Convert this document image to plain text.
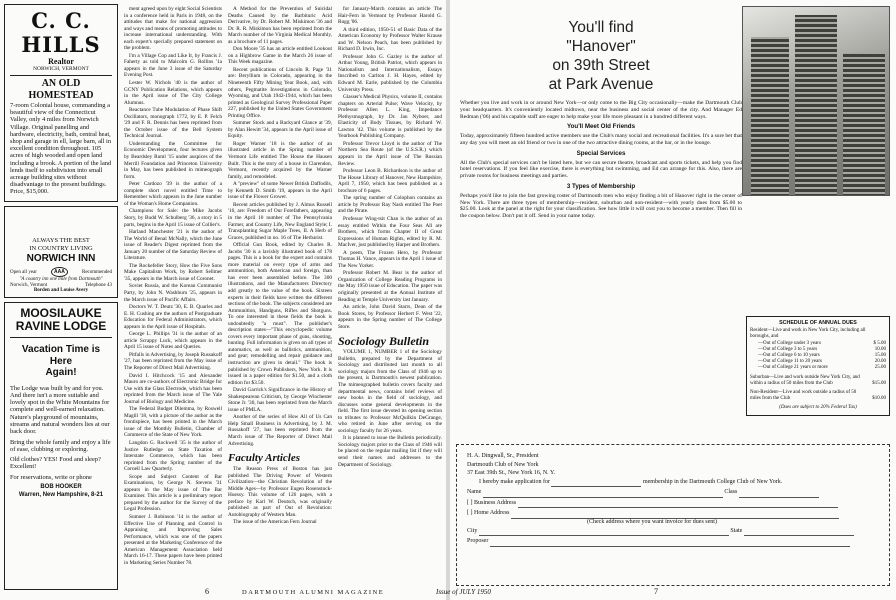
C. C. HILLS
Realtor
NORWICH, VERMONT
AN OLD HOMESTEAD
7-room Colonial house, commanding a beautiful view of the Connecticut Valley, only 4 miles from Norwich Village. Original panelling and hardware, electricity, bath, central heat, shop and garage in ell, large barn, all in excellent condition throughout. 105 acres of high wooded and open land including a brook. A portion of the land lends itself to subdivision into small acreage building sites without disadvantage to the present buildings. Price, $15,000.
ALWAYS THE BEST
IN COUNTRY LIVING
NORWICH INN
Open all year	AAA	Recommended
"A country inn one mile from Dartmouth"
Norwich, Vermont	Telephone 43
Borden and Louise Avery
MOOSILAUKE
RAVINE LODGE
Vacation Time is Here
Again!
The Lodge was built by and for you. And there isn't a more suitable and lovely spot in the White Mountains for complete and well-earned relaxation. Nature's playground of mountains, streams and natural wonders lies at our back door.
Bring the whole family and enjoy a life of ease, clubbing or exploring.
Old clothes? YES! Food and sleep? Excellent!
For reservations, write or phone
BOB HOOKER
Warren, New Hampshire, 8-21

ment agreed upon by eight Social Scientists in a conference held in Paris in 1948, on the attitudes that make for national aggression and ways and means of promoting attitudes to increase international understanding. With each expert's specially prepared statement on the problem.

I'm a Village Cop and Like It, by Francis J. Faherty as told to Malcolm G. Rollins '1a appears in the June 3 issue of the Saturday Evening Post.

Lester W. Nichols '40 is the author of GCNY Publication Relations, which appears in the April issue of The City College Alumnus.

Reactance Tube Modulation of Phase Shift Oscillators, monograph 1772, by E. P. Felch '29 and F. R. Dennis has been reprinted from the October issue of the Bell System Technical Journal.

Understanding the Committee for Economic Development, four lectures given by Beardsley Ruml '15 under auspices of the Merrill Foundation and Princeton University in May, has been published in mimeograph form.

Peter Cardozo '39 is the author of a complete short novel entitled Time to Remember which appears in the June number of the Woman's Home Companion.

Champions for Sale: the Mike Jacobs Story, by Budd W. Schulberg '36, a story in 5 parts, begins in the April 15 issue of Collier's.

Harland Manchester '21 is the author of The World of Benal McNally, which the June issue of Reader's Digest reprinted from the January 20 number of the Saturday Review of Literature.

The Rockefeller Story, How the Five Sons Make Capitalism Work, by Robert Sellmer '35, appears in the March issue of Coronet.

Soviet Russia, and the Korean Communist Party, by John N. Washburn '25, appears in the March issue of Pacific Affairs.

Doctors W. T. Deutz '30, E. B. Quarles and E. H. Cushing are the authors of Postgraduate Education for Federal Administrators, which appears in the April issue of Hospitals.

George L. Phillips '31 is the author of an article Scrappy Luck, which appears in the April 15 issue of Notes and Queries.

Pitfalls in Advertising, by Joseph Russakoff '27, has been reprinted from the May issue of The Reporter of Direct Mail Advertising.

David I. Hitchcock '15 and Alexander Mauro are co-authors of Electronic Bridge for Use with the Glass Electrode, which has been reprinted from the March issue of The Yale Journal of Biology and Medicine.

The Federal Budget Dilemma, by Roswell Magill '18, with a picture of the author as the frontispiece, has been printed in the March issue of the Monthly Bulletin, Chamber of Commerce of the State of New York.

Langdon G. Rockwell '35 is the author of Justice Rutledge on State Taxation of Interstate Commerce, which has been reprinted from the Spring number of the Cornell Law Quarterly.

Scope and Subject Content of Bar Examinations, by George N. Stevens '31 appears in the May issue of The Bar Examiner. This article is a preliminary report prepared by the author for the Survey of the Legal Profession.

Sumner J. Robinson '14 is the author of Effective Use of Planning and Control in Appraising and Improving Sales Performance, which was one of the papers presented at the Marketing Conference of the American Management Association held March 16-17. These papers have been printed in Marketing Series Number 78.

A Method for the Prevention of Suicidal Deaths Caused by the Barbituric Acid Derivative, by Dr. Robert M. Miskimon '36 and Dr. R. R. Miskimon has been reprinted from the March number of the Virginia Medical Monthly, as a brochure of 11 pages.

Don Moore '35 has an article entitled Lookout on a Highbrow Game in the March 26 issue of This Week magazine.

Recent publications of Lincoln R. Page '31 are: Beryllium in Colorado, appearing in the Nineteenth Fifty Mining Year Book, and, with others, Pegmatite Investigations in Colorado, Wyoming, and Utah 1942-1944, which has been printed as Geological Survey Professional Paper 227, published by the United States Government Printing Office.

Summer Stock and a Backyard Glance at '39, by Alan Hewitt '34, appears in the April issue of Equity.

Roger Warner '18 is the author of an illustrated article in the Spring number of Vermont Life entitled The House the Hausen Built. This is the story of a house in Clarendon, Vermont, recently acquired by the Warner family, and remodeled.

A "preview" of some Newer British Daffodils, by Kenneth D. Smith '19, appears in the April issue of the Flower Grower.

Recent articles published by J. Almus Russell '16, are: Freedom of Our Forefathers, appearing in the April 10 number of The Pennsylvania Farmer, and Country Life, New England Style; I. Transplanting Sugar Maple Trees, II. A Herb of Graces, published in no. 16 of The Herbarist.

Official Gun Book, edited by Charles R. Jacobs '30 is a lavishly illustrated book of 178 pages. This is a book for the expert and contains more material on every type of arms and ammunition, both American and foreign, than has ever been assembled before. The 300 illustrations, and the Manufacturers Directory add greatly to the value of the book. Sixteen experts in their fields have written the different sections of the book. The subjects considered are Ammunition, Handguns, Rifles and Shotguns. To one interested in these fields the book is undoubtedly "a must". The publisher's description states—"This encyclopedic volume covers every important phase of guns, shooting, hunting. Full information is given on all types of automatics, as well as ballistics, ammunition, and gear; remodelling and repair guidance and instruction are given in detail." The book is published by Crown Publishers, New York. It is issued in a paper edition for $1.50, and a cloth edition for $3.50.

David Garrick's Significance in the History of Shakespearean Criticism, by George Winchester Stone Jr. '30, has been reprinted from the March issue of PMLA.

Another of the series of How All of Us Can Help Small Business in Advertising, by J. M. Russakoff '27, has been reprinted from the March issue of The Reporter of Direct Mail Advertising.

Faculty Articles

The Reason Press of Boston has just published The Driving Power of Western Civilization—the Christian Revolution of the Middle Ages—by Professor Eugen Rosenstock-Huessy. This volume of 126 pages, with a preface by Karl W. Deutsch, was originally published as part of Out of Revolution: Autobiography of Western Man.

The issue of the American Fern Journal

for January-March contains an article The Hair-Fern in Vermont by Professor Harold G. Rugg '06.

A third edition, 1950-51 of Basic Data of the American Economy by Professor Walter Krause and W. Nelson Peach, has been published by Richard D. Irwin, Inc.

Professor John G. Gazley is the author of Arthur Young, British Patriot, which appears in Nationalism and Internationalism, Essays Inscribed to Carlton J. H. Hayes, edited by Edward M. Earle, published by the Columbia University Press.

Glasser's Medical Physics, volume II, contains chapters on Arterial Pulse; Wave Velocity, by Professor Allen L. King, Impedance Plethysmograph, by Dr. Jan Nyboer, and Elasticity of Body Tissues, by Richard W. Lawton '42. This volume is published by the Yearbook Publishing Company.

Professor Trevor Lloyd is the author of The Northern Sea Route (of the U.S.S.R.) which appears in the April issue of The Russian Review.

Professor Leon B. Richardson is the author of The House Library of Hanover, New Hampshire, April 7, 1950, which has been published as a brochure of 6 pages.

The spring number of Colophon contains an article by Professor Ray Nash entitled The Poet and the Pirate.

Professor Wing-tsit Chan is the author of an essay entitled Within the Four Seas All are Brothers, which forms Chapter II of Great Expressions of Human Rights, edited by R. M. MacIver, just published by Harper and Brothers.

A poem, The Frozen Hero, by Professor Thomas H. Vance, appears in the April 1 issue of The New Yorker.

Professor Robert M. Bear is the author of Organization of College Reading Programs in the May 1950 issue of Education. The paper was originally presented at the Annual Institute of Reading at Temple University last January.

An article, John David Starrs, Dean of the Book Stores, by Professor Herbert F. West '22, appears in the Spring number of The College Store.

Sociology Bulletin

VOLUME 1, NUMBER 1 of the Sociology Bulletin, prepared by the Department of Sociology and distributed last month to all sociology majors from the Class of 1946 up to the present, is Dartmouth's newest publication. The mimeographed bulletin covers faculty and departmental news, contains brief reviews of new books in the field of sociology, and discusses some general developments in the field. The first issue devoted its opening section to tributes to Professor McQuilkin DeGrange, who retired in June after serving on the sociology faculty for 26 years.

It is planned to issue the Bulletin periodically. Sociology majors prior to the Class of 1946 will be placed on the regular mailing list if they will send their names and addresses to the Department of Sociology.

6	DARTMOUTH ALUMNI MAGAZINE
You'll find
"Hanover"
on 39th Street
at Park Avenue

Whether you live and work in or around New York—or only come to the Big City occasionally—make the Dartmouth Club your headquarters. It's conveniently located midtown, near the business and social center of the city. And Manager Ed Redman ('06) and his capable staff are eager to help make your life more pleasant in a hundred different ways.

You'll Meet Old Friends

Today, approximately fifteen hundred active members use the Club's many social and recreational facilities. It's a sure bet that any day you will meet an old friend or two in one of the two attractive dining rooms, at the bar, or in the lounge.

Special Services

All the Club's special services can't be listed here, but we can secure theatre, broadcast and sports tickets, and help you find hotel reservations. If you feel like exercise, there is everything but swimming, and Ed can arrange for this. Also, there are private rooms for business meetings and parties.

3 Types of Membership

Perhaps you'd like to join the fast growing roster of Dartmouth men who enjoy finding a bit of Hanover right in the center of New York. There are three types of membership—resident, suburban and non-resident—with yearly dues from $5.00 to $25.00. Look at the panel at the right for your classification. See how little it will cost you to become a member. Then fill in the coupon below. Don't put it off. Send in your name today.

SCHEDULE OF ANNUAL DUES
Resident—Live and work in New York City, including all boroughs, and
—Out of College under 3 years	$ 5.00
—Out of College 3 to 5 years	10.00
—Out of College 6 to 10 years	15.00
—Out of College 11 to 20 years	20.00
—Out of College 21 years or more	25.00
Suburban—Live and work outside New York City, and within a radius of 50 miles from the Club	$15.00
Non-Resident—Live and work outside a radius of 50 miles from the Club	$10.00
(Dues are subject to 20% Federal Tax)
H. A. Dingwall, Sr., President
Dartmouth Club of New York
37 East 39th St., New York 16, N. Y.
I hereby make application for	membership in the Dartmouth College Club of New York.
Name	Class
[ ] Business Address
[ ] Home Address
(Check address where you want invoice for dues sent)
City	State
Proposer
Issue of JULY 1950	7
